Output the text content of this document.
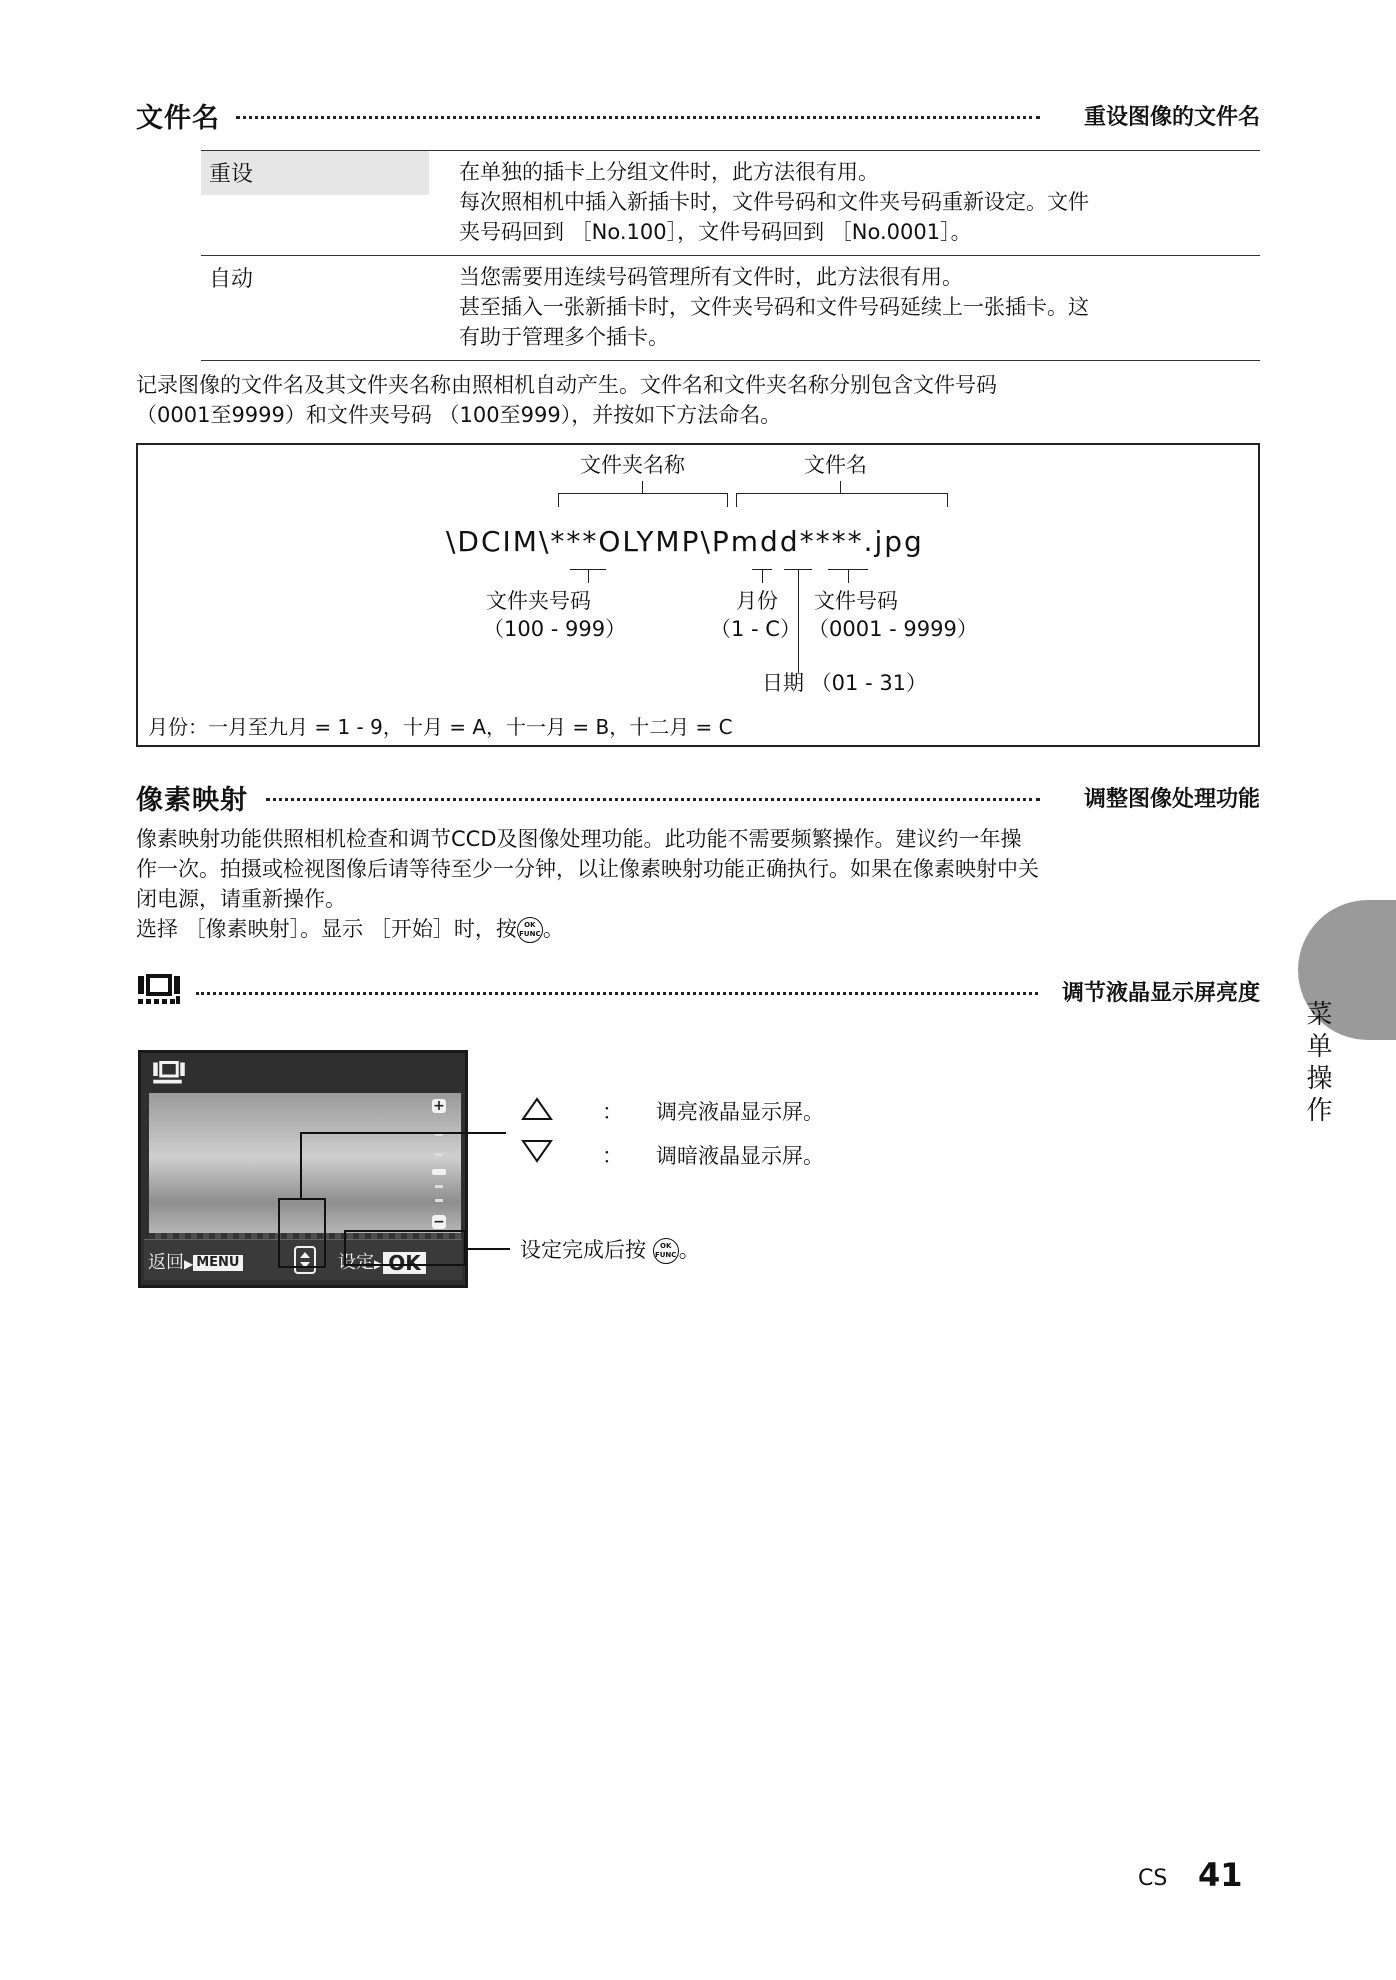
文件名	重设图像的文件名
重设	在单独的插卡上分组文件时，此方法很有用。
每次照相机中插入新插卡时，文件号码和文件夹号码重新设定。文件
夹号码回到 ［No.100］，文件号码回到 ［No.0001］。
自动	当您需要用连续号码管理所有文件时，此方法很有用。
甚至插入一张新插卡时，文件夹号码和文件号码延续上一张插卡。这
有助于管理多个插卡。
记录图像的文件名及其文件夹名称由照相机自动产生。文件名和文件夹名称分别包含文件号码
（0001至9999）和文件夹号码 （100至999），并按如下方法命名。
文件夹名称	文件名
\DCIM\***OLYMP\Pmdd****.jpg
文件夹号码
（100 - 999）
月份
（1 - C）
文件号码
（0001 - 9999）
日期 （01 - 31）
月份：一月至九月 = 1 - 9，十月 = A，十一月 = B，十二月 = C
像素映射	调整图像处理功能
像素映射功能供照相机检查和调节CCD及图像处理功能。此功能不需要频繁操作。建议约一年操
作一次。拍摄或检视图像后请等待至少一分钟，以让像素映射功能正确执行。如果在像素映射中关
闭电源，请重新操作。
选择 ［像素映射］。显示 ［开始］时，按 OK
FUNC 。
调节液晶显示屏亮度
+
−
返回▶ MENU	设定▶ OK
： 调亮液晶显示屏。
： 调暗液晶显示屏。
设定完成后按 OK
FUNC 。
菜单操作
CS 41
